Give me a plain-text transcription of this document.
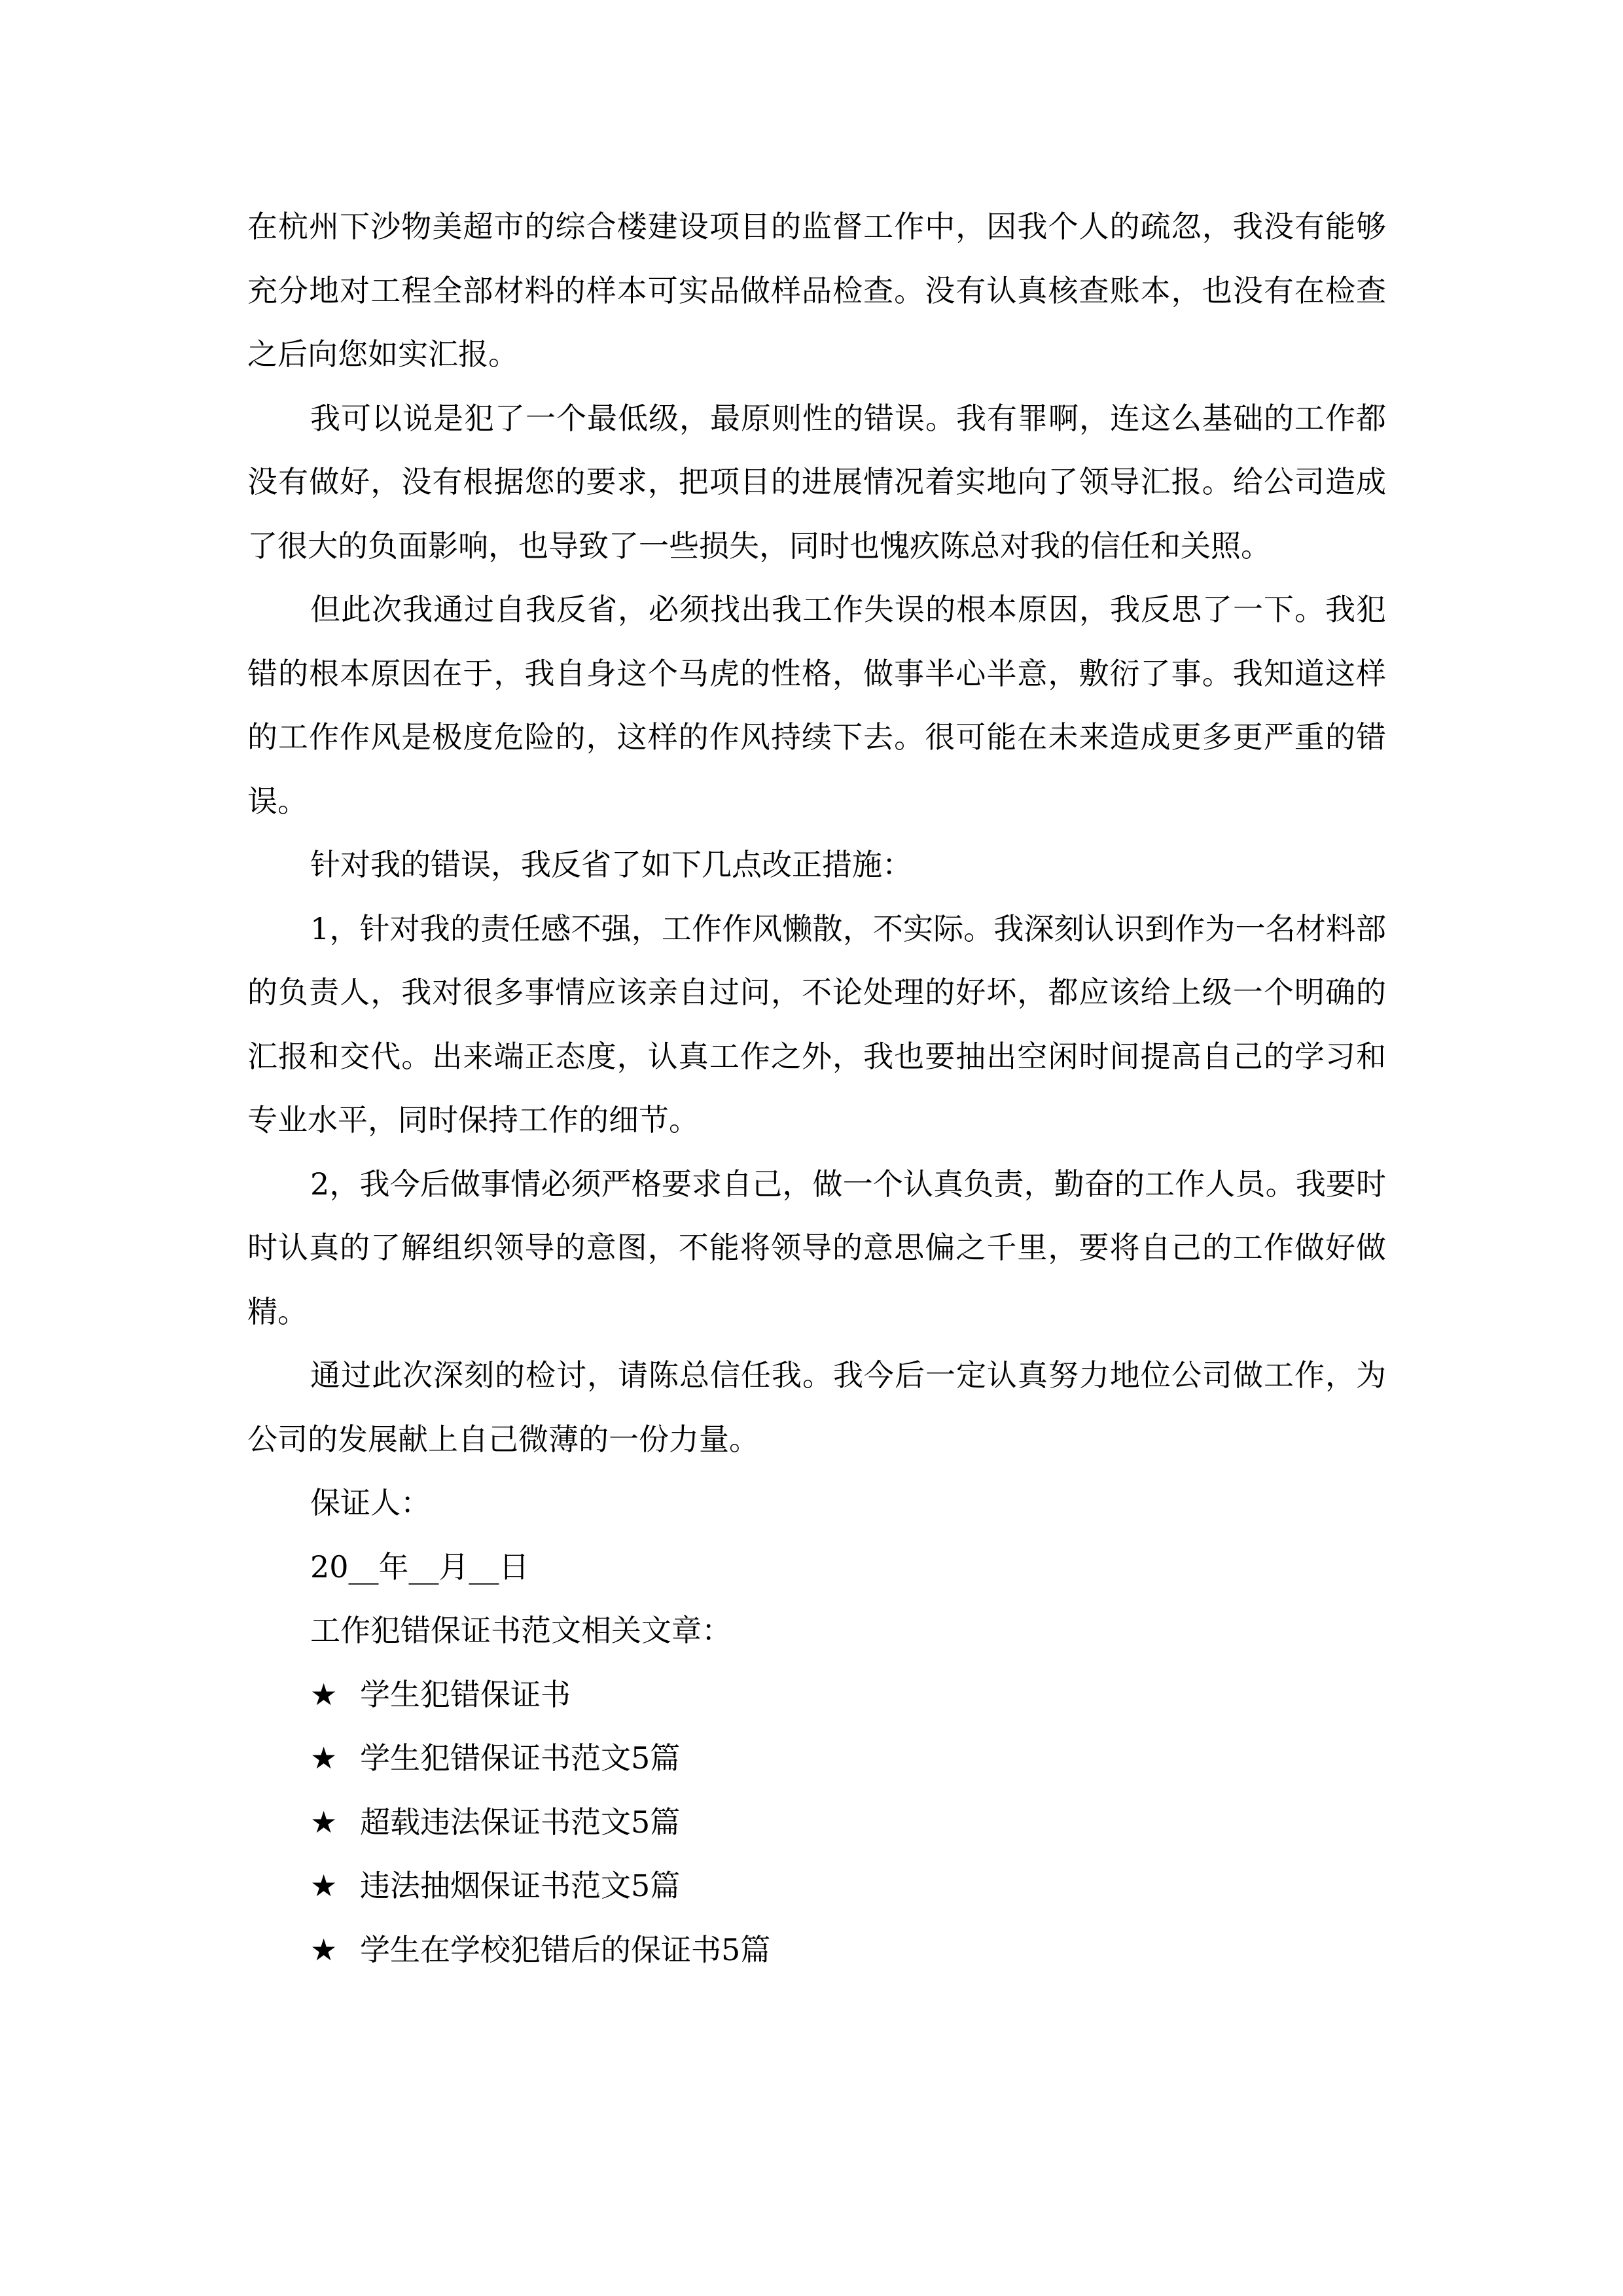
在杭州下沙物美超市的综合楼建设项目的监督工作中，因我个人的疏忽，我没有能够充分地对工程全部材料的样本可实品做样品检查。没有认真核查账本，也没有在检查之后向您如实汇报。

我可以说是犯了一个最低级，最原则性的错误。我有罪啊，连这么基础的工作都没有做好，没有根据您的要求，把项目的进展情况着实地向了领导汇报。给公司造成了很大的负面影响，也导致了一些损失，同时也愧疚陈总对我的信任和关照。

但此次我通过自我反省，必须找出我工作失误的根本原因，我反思了一下。我犯错的根本原因在于，我自身这个马虎的性格，做事半心半意，敷衍了事。我知道这样的工作作风是极度危险的，这样的作风持续下去。很可能在未来造成更多更严重的错误。

针对我的错误，我反省了如下几点改正措施：

1，针对我的责任感不强，工作作风懒散，不实际。我深刻认识到作为一名材料部的负责人，我对很多事情应该亲自过问，不论处理的好坏，都应该给上级一个明确的汇报和交代。出来端正态度，认真工作之外，我也要抽出空闲时间提高自己的学习和专业水平，同时保持工作的细节。

2，我今后做事情必须严格要求自己，做一个认真负责，勤奋的工作人员。我要时时认真的了解组织领导的意图，不能将领导的意思偏之千里，要将自己的工作做好做精。

通过此次深刻的检讨，请陈总信任我。我今后一定认真努力地位公司做工作，为公司的发展献上自己微薄的一份力量。

保证人：

20__年__月__日

工作犯错保证书范文相关文章：

★ 学生犯错保证书
★ 学生犯错保证书范文5篇
★ 超载违法保证书范文5篇
★ 违法抽烟保证书范文5篇
★ 学生在学校犯错后的保证书5篇
